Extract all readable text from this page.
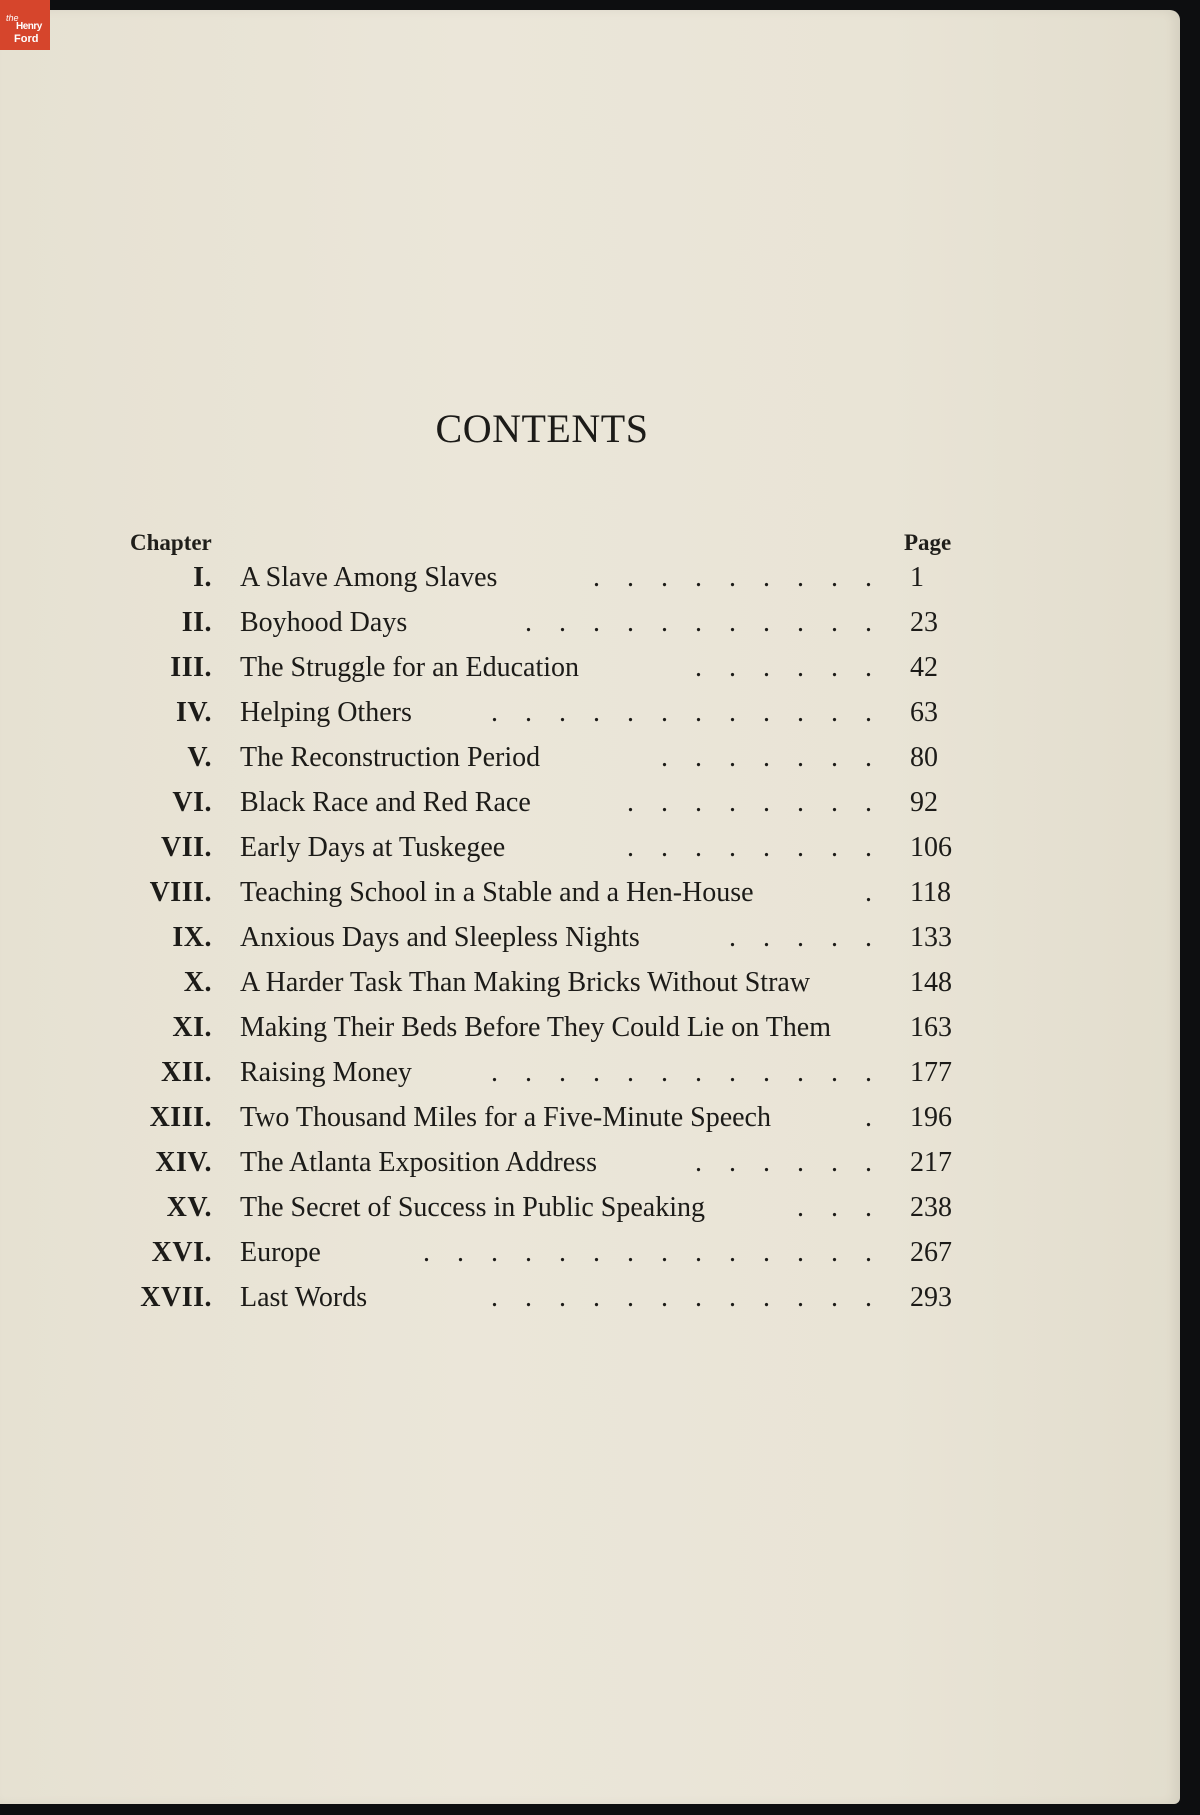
the
Henry
Ford
CONTENTS
Chapter	Page
I. A Slave Among Slaves	. . . . . . . . . 1
II. Boyhood Days	. . . . . . . . . . . 23
III. The Struggle for an Education	. . . . . . 42
IV. Helping Others	. . . . . . . . . . . . 63
V. The Reconstruction Period	. . . . . . . 80
VI. Black Race and Red Race	. . . . . . . . 92
VII. Early Days at Tuskegee	. . . . . . . . 106
VIII. Teaching School in a Stable and a Hen-House	. 118
IX. Anxious Days and Sleepless Nights	. . . . . 133
X. A Harder Task Than Making Bricks Without Straw	148
XI. Making Their Beds Before They Could Lie on Them	163
XII. Raising Money	. . . . . . . . . . . . 177
XIII. Two Thousand Miles for a Five-Minute Speech	. 196
XIV. The Atlanta Exposition Address	. . . . . . 217
XV. The Secret of Success in Public Speaking	. . . 238
XVI. Europe	. . . . . . . . . . . . . . 267
XVII. Last Words	. . . . . . . . . . . . 293
